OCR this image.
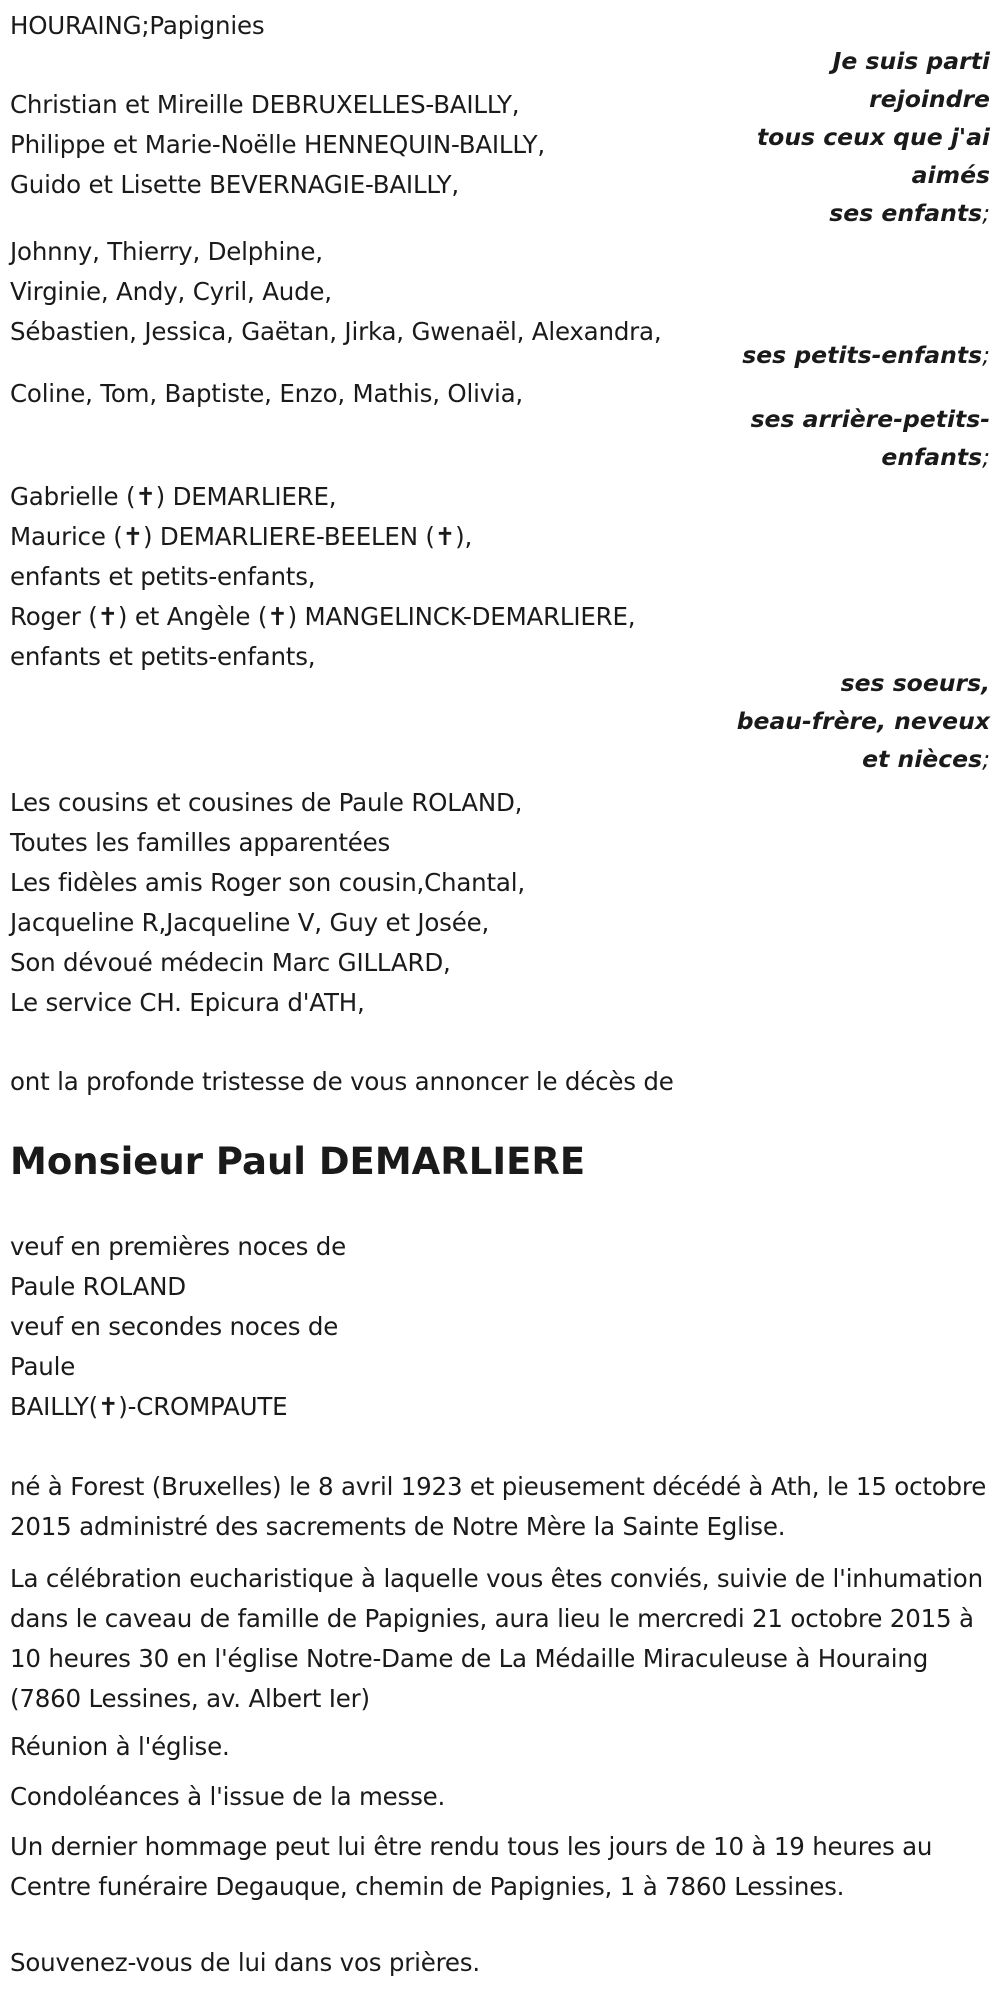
HOURAING;Papignies
Je suis parti
rejoindre
tous ceux que j'ai
aimés
ses enfants;
Christian et Mireille DEBRUXELLES-BAILLY,
Philippe et Marie-Noëlle HENNEQUIN-BAILLY,
Guido et Lisette BEVERNAGIE-BAILLY,
Johnny, Thierry, Delphine,
Virginie, Andy, Cyril, Aude,
Sébastien, Jessica, Gaëtan, Jirka, Gwenaël, Alexandra,
ses petits-enfants;
Coline, Tom, Baptiste, Enzo, Mathis, Olivia,
ses arrière-petits-
enfants;
Gabrielle (✝) DEMARLIERE,
Maurice (✝) DEMARLIERE-BEELEN (✝),
enfants et petits-enfants,
Roger (✝) et Angèle (✝) MANGELINCK-DEMARLIERE,
enfants et petits-enfants,
ses soeurs,
beau-frère, neveux
et nièces;
Les cousins et cousines de Paule ROLAND,
Toutes les familles apparentées
Les fidèles amis Roger son cousin,Chantal,
Jacqueline R,Jacqueline V, Guy et Josée,
Son dévoué médecin Marc GILLARD,
Le service CH. Epicura d'ATH,
ont la profonde tristesse de vous annoncer le décès de
Monsieur Paul DEMARLIERE
veuf en premières noces de
Paule ROLAND
veuf en secondes noces de
Paule
BAILLY(✝)-CROMPAUTE
né à Forest (Bruxelles) le 8 avril 1923 et pieusement décédé à Ath, le 15 octobre 2015 administré des sacrements de Notre Mère la Sainte Eglise.
La célébration eucharistique à laquelle vous êtes conviés, suivie de l'inhumation dans le caveau de famille de Papignies, aura lieu le mercredi 21 octobre 2015 à 10 heures 30 en l'église Notre-Dame de La Médaille Miraculeuse à Houraing (7860 Lessines, av. Albert Ier)
Réunion à l'église.
Condoléances à l'issue de la messe.
Un dernier hommage peut lui être rendu tous les jours de 10 à 19 heures au Centre funéraire Degauque, chemin de Papignies, 1 à 7860 Lessines.
Souvenez-vous de lui dans vos prières.
